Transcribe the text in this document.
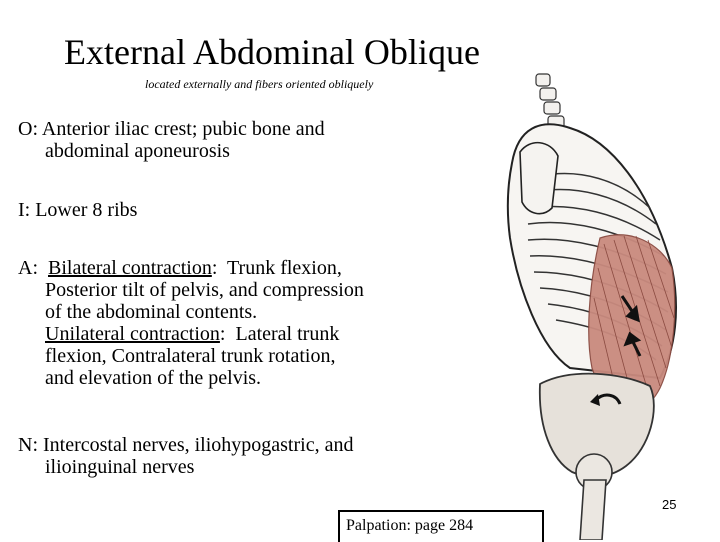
External Abdominal Oblique
located externally and fibers oriented obliquely
O: Anterior iliac crest; pubic bone and
abdominal aponeurosis
I: Lower 8 ribs
A:  Bilateral contraction:  Trunk flexion,
Posterior tilt of pelvis, and compression
of the abdominal contents.
Unilateral contraction:  Lateral trunk
flexion, Contralateral trunk rotation,
and elevation of the pelvis.
N: Intercostal nerves, iliohypogastric, and
ilioinguinal nerves
25
Palpation: page 284
